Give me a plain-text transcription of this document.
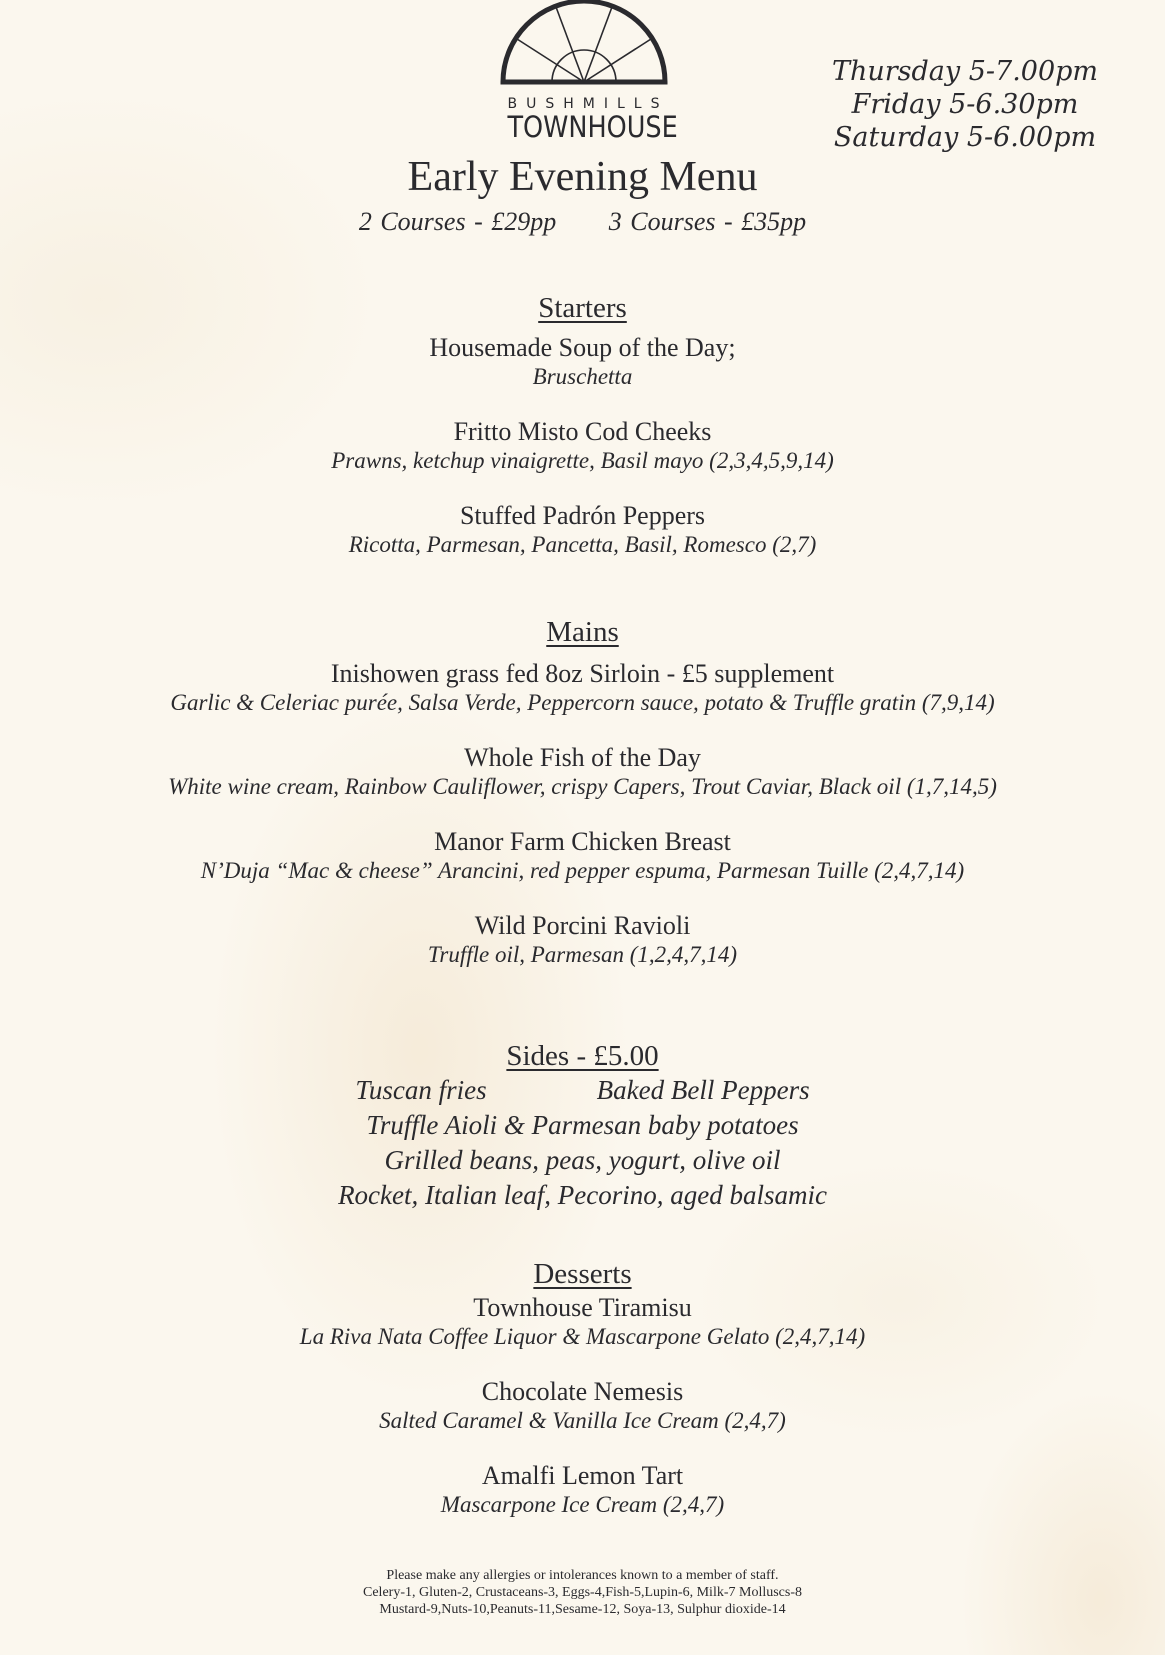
BUSHMILLS
TOWNHOUSE
Thursday 5-7.00pm
Friday 5-6.30pm
Saturday 5-6.00pm
Early Evening Menu
2 Courses - £29pp 3 Courses - £35pp
Starters
Housemade Soup of the Day;
Bruschetta
Fritto Misto Cod Cheeks
Prawns, ketchup vinaigrette, Basil mayo (2,3,4,5,9,14)
Stuffed Padrón Peppers
Ricotta, Parmesan, Pancetta, Basil, Romesco (2,7)
Mains
Inishowen grass fed 8oz Sirloin - £5 supplement
Garlic & Celeriac purée, Salsa Verde, Peppercorn sauce, potato & Truffle gratin (7,9,14)
Whole Fish of the Day
White wine cream, Rainbow Cauliflower, crispy Capers, Trout Caviar, Black oil (1,7,14,5)
Manor Farm Chicken Breast
N’Duja “Mac & cheese” Arancini, red pepper espuma, Parmesan Tuille (2,4,7,14)
Wild Porcini Ravioli
Truffle oil, Parmesan (1,2,4,7,14)
Sides - £5.00
Tuscan fries	Baked Bell Peppers
Truffle Aioli & Parmesan baby potatoes
Grilled beans, peas, yogurt, olive oil
Rocket, Italian leaf, Pecorino, aged balsamic
Desserts
Townhouse Tiramisu
La Riva Nata Coffee Liquor & Mascarpone Gelato (2,4,7,14)
Chocolate Nemesis
Salted Caramel & Vanilla Ice Cream (2,4,7)
Amalfi Lemon Tart
Mascarpone Ice Cream (2,4,7)
Please make any allergies or intolerances known to a member of staff.
Celery-1, Gluten-2, Crustaceans-3, Eggs-4,Fish-5,Lupin-6, Milk-7 Molluscs-8
Mustard-9,Nuts-10,Peanuts-11,Sesame-12, Soya-13, Sulphur dioxide-14
